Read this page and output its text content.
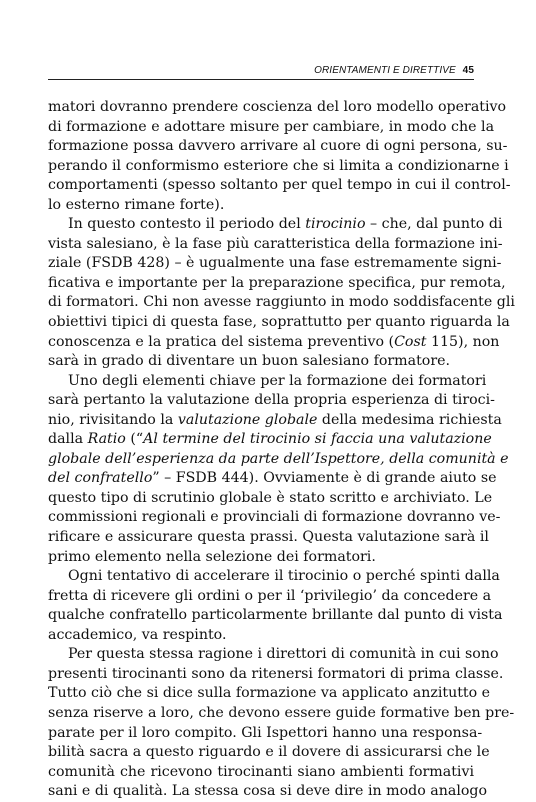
ORIENTAMENTI E DIRETTIVE 45
matori dovranno prendere coscienza del loro modello operativo
di formazione e adottare misure per cambiare, in modo che la
formazione possa davvero arrivare al cuore di ogni persona, su-
perando il conformismo esteriore che si limita a condizionarne i
comportamenti (spesso soltanto per quel tempo in cui il control-
lo esterno rimane forte).
In questo contesto il periodo del tirocinio – che, dal punto di
vista salesiano, è la fase più caratteristica della formazione ini-
ziale (FSDB 428) – è ugualmente una fase estremamente signi-
ficativa e importante per la preparazione specifica, pur remota,
di formatori. Chi non avesse raggiunto in modo soddisfacente gli
obiettivi tipici di questa fase, soprattutto per quanto riguarda la
conoscenza e la pratica del sistema preventivo (Cost 115), non
sarà in grado di diventare un buon salesiano formatore.
Uno degli elementi chiave per la formazione dei formatori
sarà pertanto la valutazione della propria esperienza di tiroci-
nio, rivisitando la valutazione globale della medesima richiesta
dalla Ratio (“Al termine del tirocinio si faccia una valutazione
globale dell’esperienza da parte dell’Ispettore, della comunità e
del confratello” – FSDB 444). Ovviamente è di grande aiuto se
questo tipo di scrutinio globale è stato scritto e archiviato. Le
commissioni regionali e provinciali di formazione dovranno ve-
rificare e assicurare questa prassi. Questa valutazione sarà il
primo elemento nella selezione dei formatori.
Ogni tentativo di accelerare il tirocinio o perché spinti dalla
fretta di ricevere gli ordini o per il ‘privilegio’ da concedere a
qualche confratello particolarmente brillante dal punto di vista
accademico, va respinto.
Per questa stessa ragione i direttori di comunità in cui sono
presenti tirocinanti sono da ritenersi formatori di prima classe.
Tutto ciò che si dice sulla formazione va applicato anzitutto e
senza riserve a loro, che devono essere guide formative ben pre-
parate per il loro compito. Gli Ispettori hanno una responsa-
bilità sacra a questo riguardo e il dovere di assicurarsi che le
comunità che ricevono tirocinanti siano ambienti formativi
sani e di qualità. La stessa cosa si deve dire in modo analogo
